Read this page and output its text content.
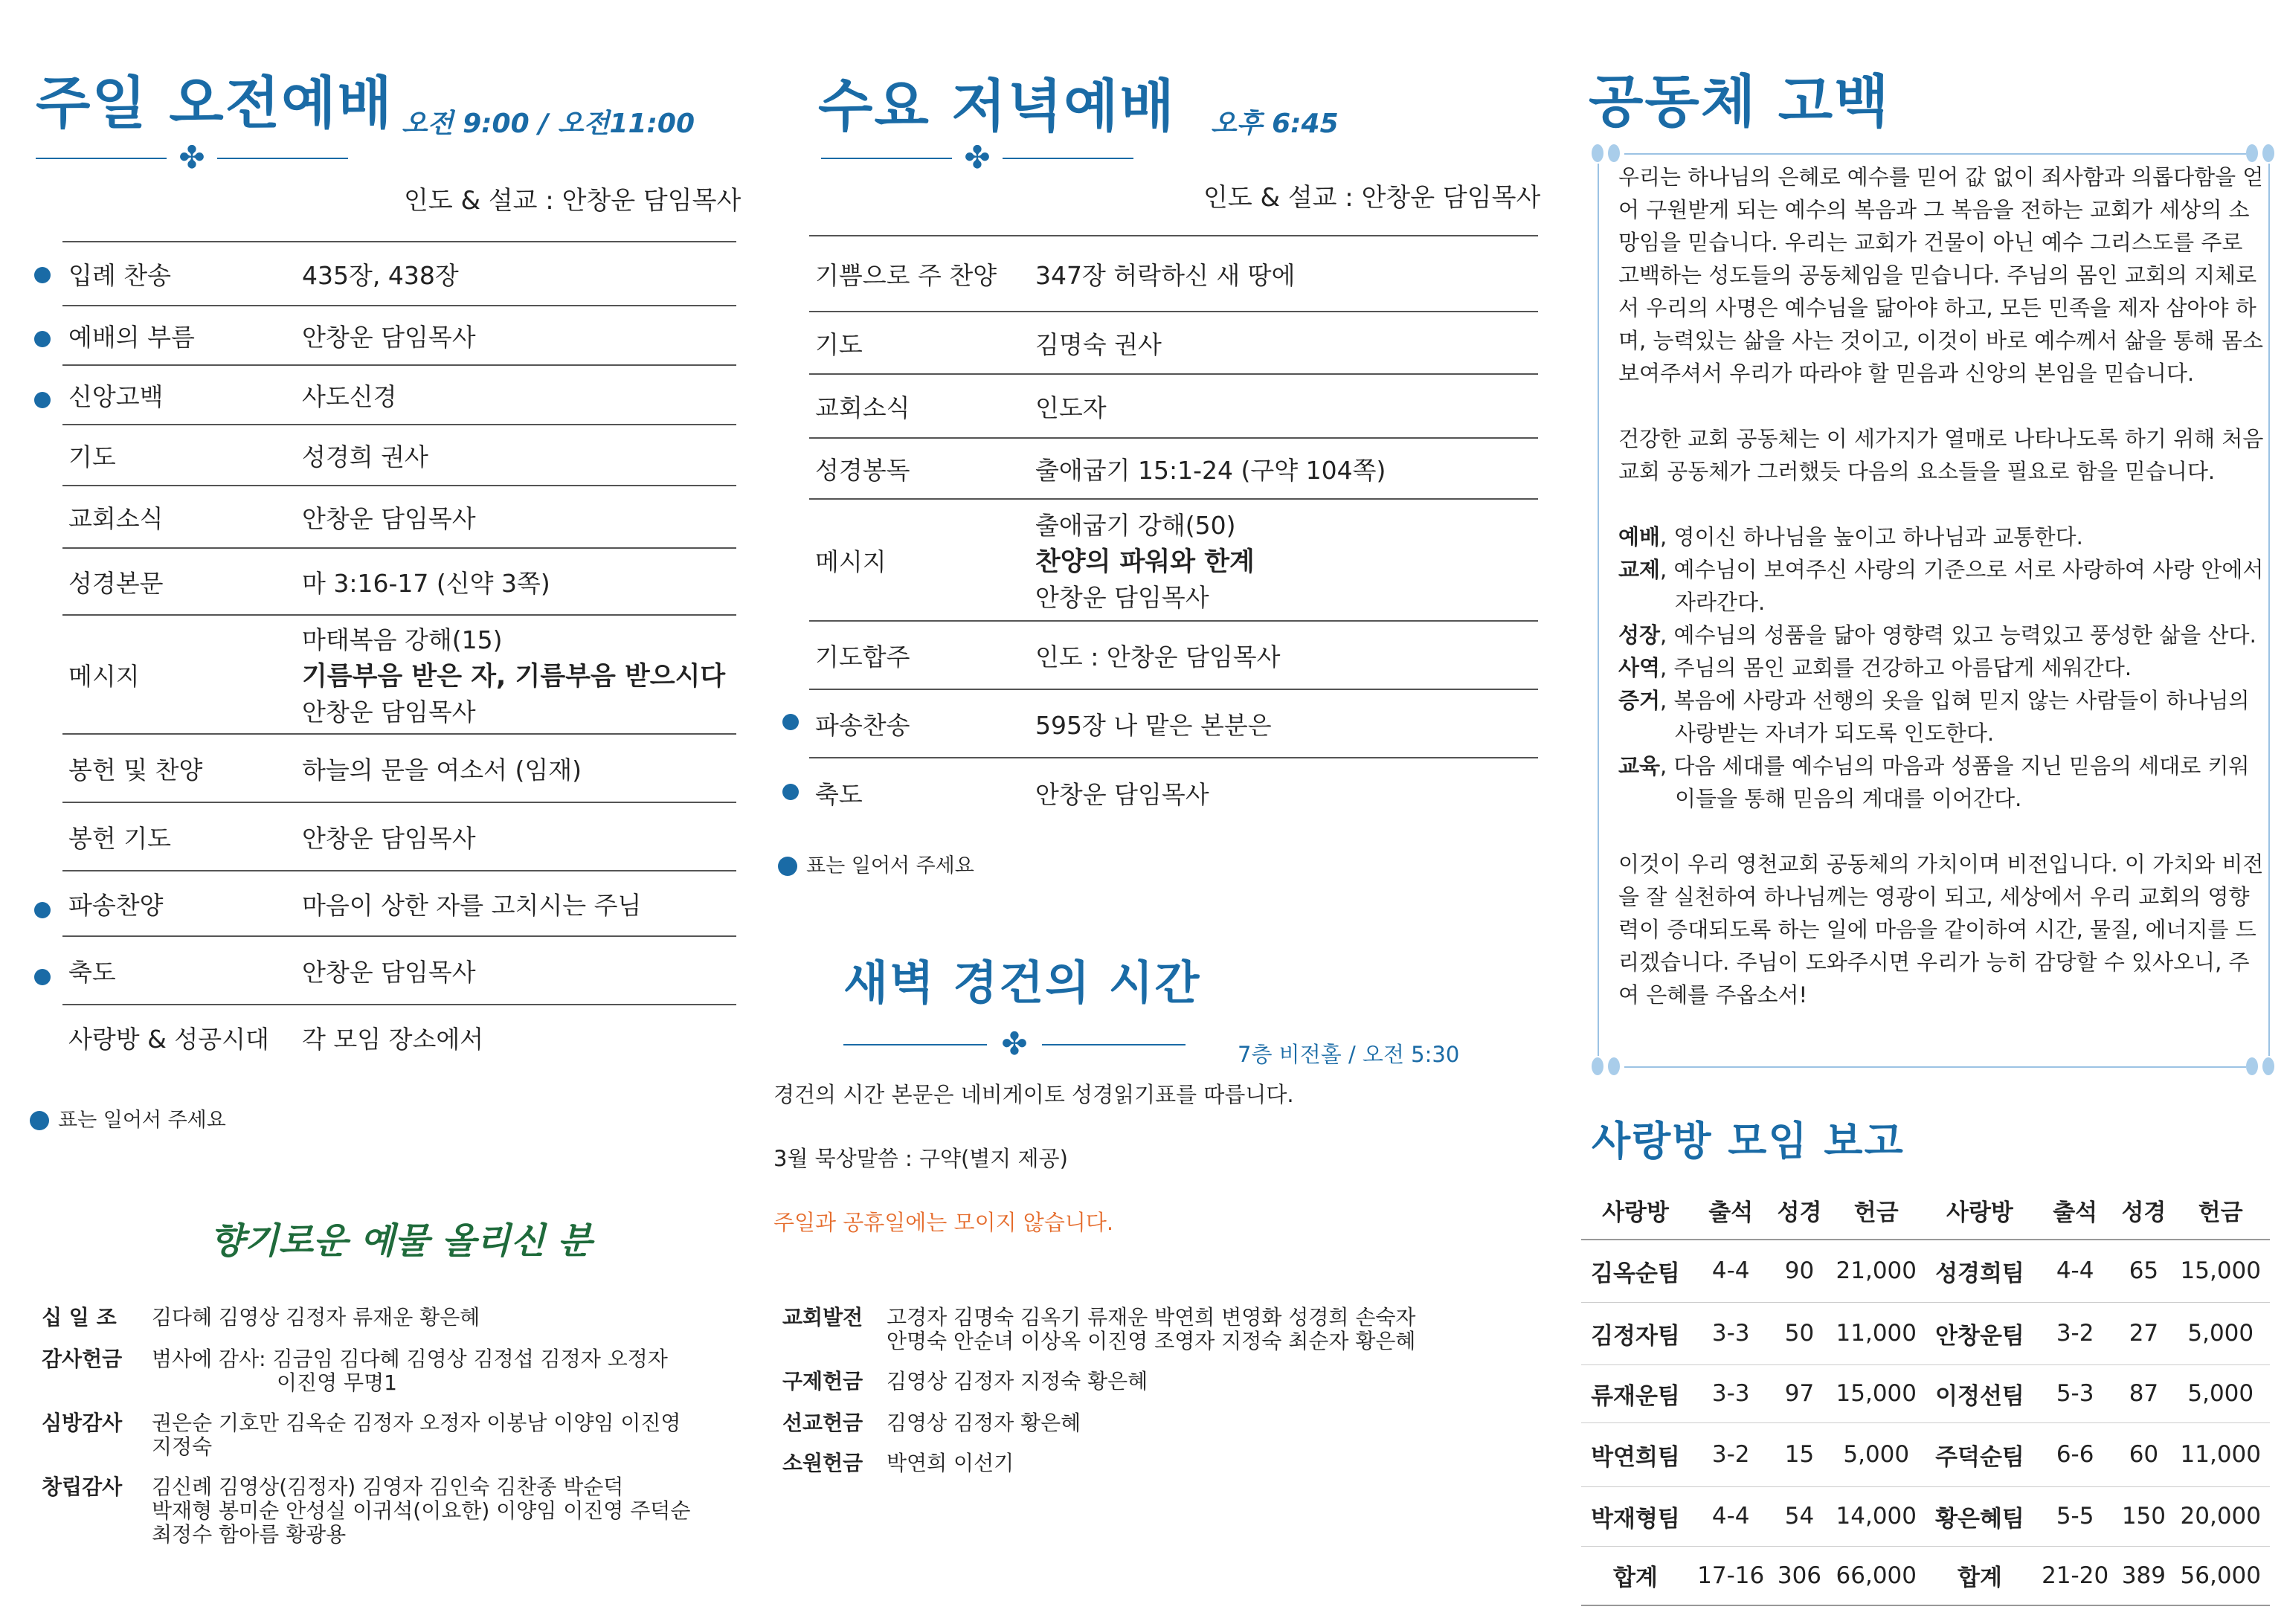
주일 오전예배 오전 9:00 / 오전11:00
✤
인도 & 설교 : 안창운 담임목사
입례 찬송	435장, 438장
예배의 부름	안창운 담임목사
신앙고백	사도신경
기도	성경희 권사
교회소식	안창운 담임목사
성경본문	마 3:16-17 (신약 3쪽)
메시지	마태복음 강해(15)
기름부음 받은 자, 기름부음 받으시다
안창운 담임목사

봉헌 및 찬양	하늘의 문을 여소서 (임재)
봉헌 기도	안창운 담임목사
파송찬양	마음이 상한 자를 고치시는 주님
축도	안창운 담임목사
사랑방 & 성공시대	각 모임 장소에서
표는 일어서 주세요
향기로운 예물 올리신 분
십 일 조 김다혜 김영상 김정자 류재운 황은혜
감사헌금 범사에 감사: 김금임 김다혜 김영상 김정섭 김정자 오정자
이진영 무명1
심방감사 권은순 기호만 김옥순 김정자 오정자 이봉남 이양임 이진영
지정숙
창립감사 김신례 김영상(김정자) 김영자 김인숙 김찬종 박순덕
박재형 봉미순 안성실 이귀석(이요한) 이양임 이진영 주덕순
최정수 함아름 황광용
수요 저녁예배 오후 6:45
✤
인도 & 설교 : 안창운 담임목사
기쁨으로 주 찬양	347장 허락하신 새 땅에
기도	김명숙 권사
교회소식	인도자
성경봉독	출애굽기 15:1-24 (구약 104쪽)
메시지	출애굽기 강해(50)
찬양의 파워와 한계
안창운 담임목사

기도합주	인도 : 안창운 담임목사
파송찬송	595장 나 맡은 본분은
축도	안창운 담임목사
표는 일어서 주세요
새벽 경건의 시간
✤	7층 비전홀 / 오전 5:30
경건의 시간 본문은 네비게이토 성경읽기표를 따릅니다.
3월 묵상말씀 : 구약(별지 제공)
주일과 공휴일에는 모이지 않습니다.
교회발전 고경자 김명숙 김옥기 류재운 박연희 변영화 성경희 손숙자
안명숙 안순녀 이상옥 이진영 조영자 지정숙 최순자 황은혜
구제헌금 김영상 김정자 지정숙 황은혜
선교헌금 김영상 김정자 황은혜
소원헌금 박연희 이선기
공동체 고백

우리는 하나님의 은혜로 예수를 믿어 값 없이 죄사함과 의롭다함을 얻어 구원받게 되는 예수의 복음과 그 복음을 전하는 교회가 세상의 소망임을 믿습니다. 우리는 교회가 건물이 아닌 예수 그리스도를 주로 고백하는 성도들의 공동체임을 믿습니다. 주님의 몸인 교회의 지체로서 우리의 사명은 예수님을 닮아야 하고, 모든 민족을 제자 삼아야 하며, 능력있는 삶을 사는 것이고, 이것이 바로 예수께서 삶을 통해 몸소 보여주셔서 우리가 따라야 할 믿음과 신앙의 본임을 믿습니다.

건강한 교회 공동체는 이 세가지가 열매로 나타나도록 하기 위해 처음 교회 공동체가 그러했듯 다음의 요소들을 필요로 함을 믿습니다.

예배, 영이신 하나님을 높이고 하나님과 교통한다.

교제, 예수님이 보여주신 사랑의 기준으로 서로 사랑하여 사랑 안에서 자라간다.

성장, 예수님의 성품을 닮아 영향력 있고 능력있고 풍성한 삶을 산다.

사역, 주님의 몸인 교회를 건강하고 아름답게 세워간다.

증거, 복음에 사랑과 선행의 옷을 입혀 믿지 않는 사람들이 하나님의 사랑받는 자녀가 되도록 인도한다.

교육, 다음 세대를 예수님의 마음과 성품을 지닌 믿음의 세대로 키워 이들을 통해 믿음의 계대를 이어간다.

이것이 우리 영천교회 공동체의 가치이며 비전입니다. 이 가치와 비전을 잘 실천하여 하나님께는 영광이 되고, 세상에서 우리 교회의 영향력이 증대되도록 하는 일에 마음을 같이하여 시간, 물질, 에너지를 드리겠습니다. 주님이 도와주시면 우리가 능히 감당할 수 있사오니, 주여 은혜를 주옵소서!

사랑방 모임 보고
사랑방	출석	성경	헌금	사랑방	출석	성경	헌금
김옥순팀	4-4	90	21,000	성경희팀	4-4	65	15,000
김정자팀	3-3	50	11,000	안창운팀	3-2	27	5,000
류재운팀	3-3	97	15,000	이정선팀	5-3	87	5,000
박연희팀	3-2	15	5,000	주덕순팀	6-6	60	11,000
박재형팀	4-4	54	14,000	황은혜팀	5-5	150	20,000
합계	17-16	306	66,000	합계	21-20	389	56,000
